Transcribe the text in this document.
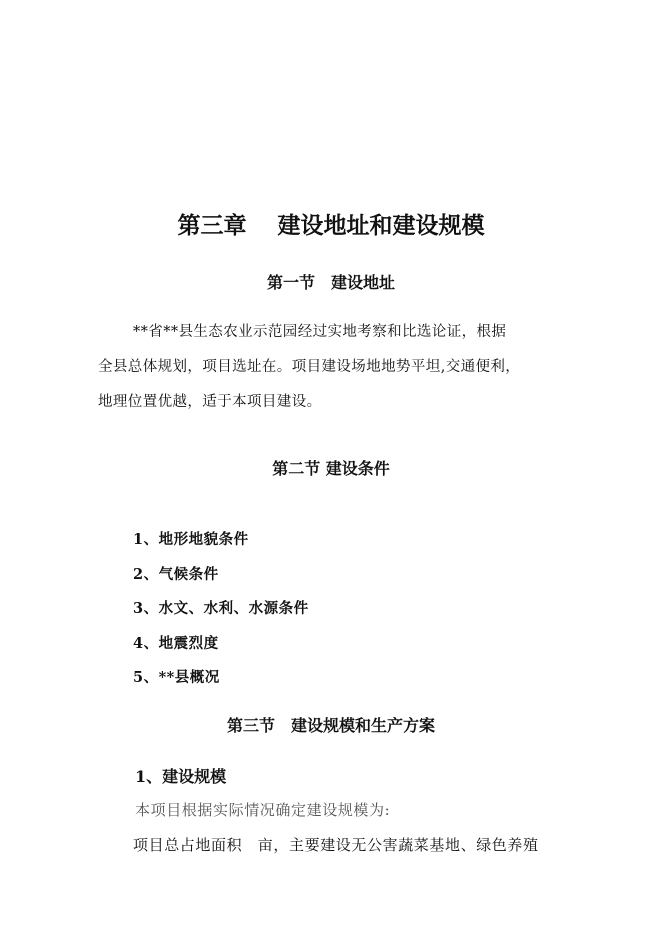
第三章　 建设地址和建设规模
第一节　建设地址

**省**县生态农业示范园经过实地考察和比选论证，根据

全县总体规划，项目选址在。项目建设场地地势平坦,交通便利，

地理位置优越，适于本项目建设。

第二节 建设条件
1、地形地貌条件
2、气候条件
3、水文、水利、水源条件
4、地震烈度
5、**县概况
第三节　建设规模和生产方案
1、建设规模

本项目根据实际情况确定建设规模为:

项目总占地面积　亩，主要建设无公害蔬菜基地、绿色养殖
